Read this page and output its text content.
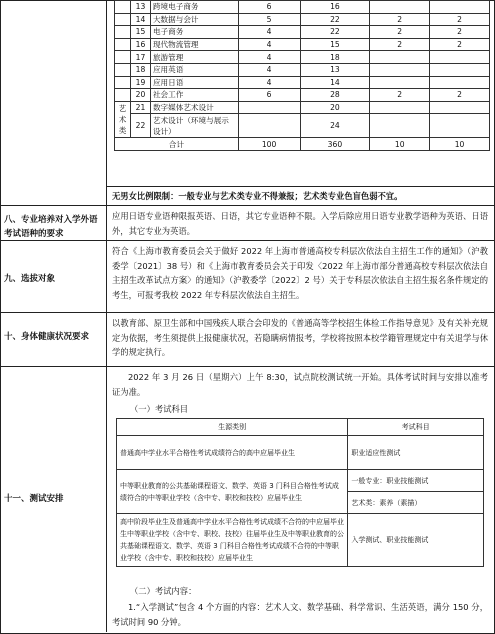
	13	跨境电子商务	6	16		
	14	大数据与会计	5	22	2	2
	15	电子商务	4	22	2	2
	16	现代物流管理	4	15	2	2
	17	旅游管理	4	18		
	18	应用英语	4	13		
	19	应用日语	4	14		
	20	社会工作	6	28	2	2
艺
术
类	21	数字媒体艺术设计		20		
	22	艺术设计（环境与展示设计）		24		
合计			100	360	10	10
无男女比例限制：一般专业与艺术类专业不得兼报；艺术类专业色盲色弱不宜。
八、专业培养对入学外语考试语种的要求
应用日语专业语种限报英语、日语，其它专业语种不限。入学后除应用日语专业教学语种为英语、日语外，其它专业为英语。
九、选拔对象
符合《上海市教育委员会关于做好 2022 年上海市普通高校专科层次依法自主招生工作的通知》（沪教委学〔2021〕38 号）和《上海市教育委员会关于印发〈2022 年上海市部分普通高校专科层次依法自主招生改革试点方案〉的通知》（沪教委学〔2022〕2 号）关于专科层次依法自主招生报名条件规定的考生，可报考我校 2022 年专科层次依法自主招生。
十、身体健康状况要求
以教育部、原卫生部和中国残疾人联合会印发的《普通高等学校招生体检工作指导意见》及有关补充规定为依据，考生须提供上报健康状况，若隐瞒病情报考，学校将按照本校学籍管理规定中有关退学与休学的规定执行。
十一、测试安排
2022 年 3 月 26 日（星期六）上午 8:30，试点院校测试统一开始。具体考试时间与安排以准考证为准。
（一）考试科目
生源类别	考试科目
普通高中学业水平合格性考试成绩符合的高中应届毕业生	职业适应性测试
中等职业教育的公共基础课程语文、数学、英语 3 门科目合格性考试成绩符合的中等职业学校（含中专、职校和技校）应届毕业生	一般专业：职业技能测试
	艺术类：素养（素描）
高中阶段毕业生及普通高中学业水平合格性考试成绩不合符的中应届毕业生中等职业学校（含中专、职校、技校）往届毕业生及中等职业教育的公共基础课程语文、数学、英语 3 门科目合格性考试成绩不合符的中等职业学校（含中专、职校和技校）应届毕业生	入学测试、职业技能测试
（二）考试内容：
1.“入学测试”包含 4 个方面的内容：艺术人文、数学基础、科学常识、生活英语，满分 150 分，考试时间 90 分钟。
